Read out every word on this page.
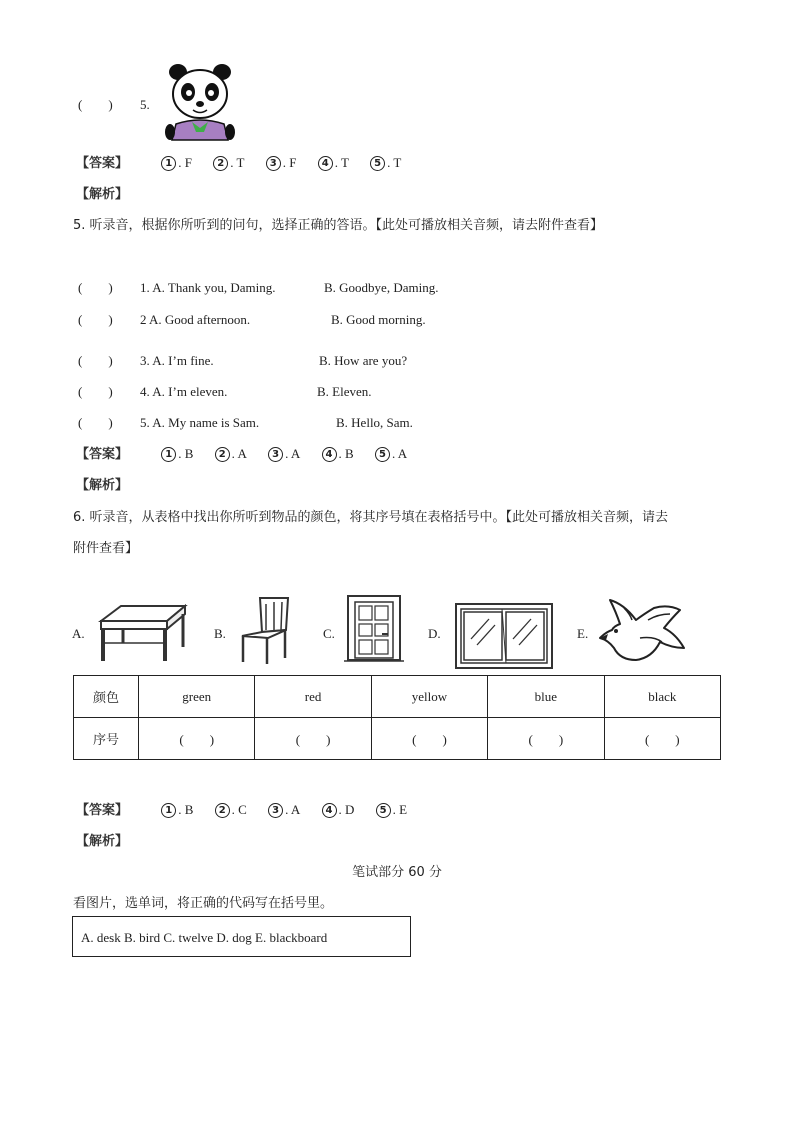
(　　) 5.
【答案】	1 . F	2 . T	3 . F	4 . T	5 . T
【解析】
5. 听录音，根据你所听到的问句，选择正确的答语。【此处可播放相关音频，请去附件查看】
(　　) 1. A. Thank you, Daming.	B. Goodbye, Daming.
(　　) 2 A. Good afternoon.	B. Good morning.
(　　) 3. A. I’m fine.	B. How are you?
(　　) 4. A. I’m eleven.	B. Eleven.
(　　) 5. A. My name is Sam.	B. Hello, Sam.
【答案】	1 . B	2 . A	3 . A	4 . B	5 . A
【解析】
6. 听录音，从表格中找出你所听到物品的颜色，将其序号填在表格括号中。【此处可播放相关音频，请去
附件查看】
A.	B.	C.	D.	E.
颜色	green	red	yellow	blue	black
序号	(　　)	(　　)	(　　)	(　　)	(　　)
【答案】	1 . B	2 . C	3 . A	4 . D	5 . E
【解析】
笔试部分 60 分
看图片，选单词，将正确的代码写在括号里。
A. desk B. bird C. twelve D. dog E. blackboard
